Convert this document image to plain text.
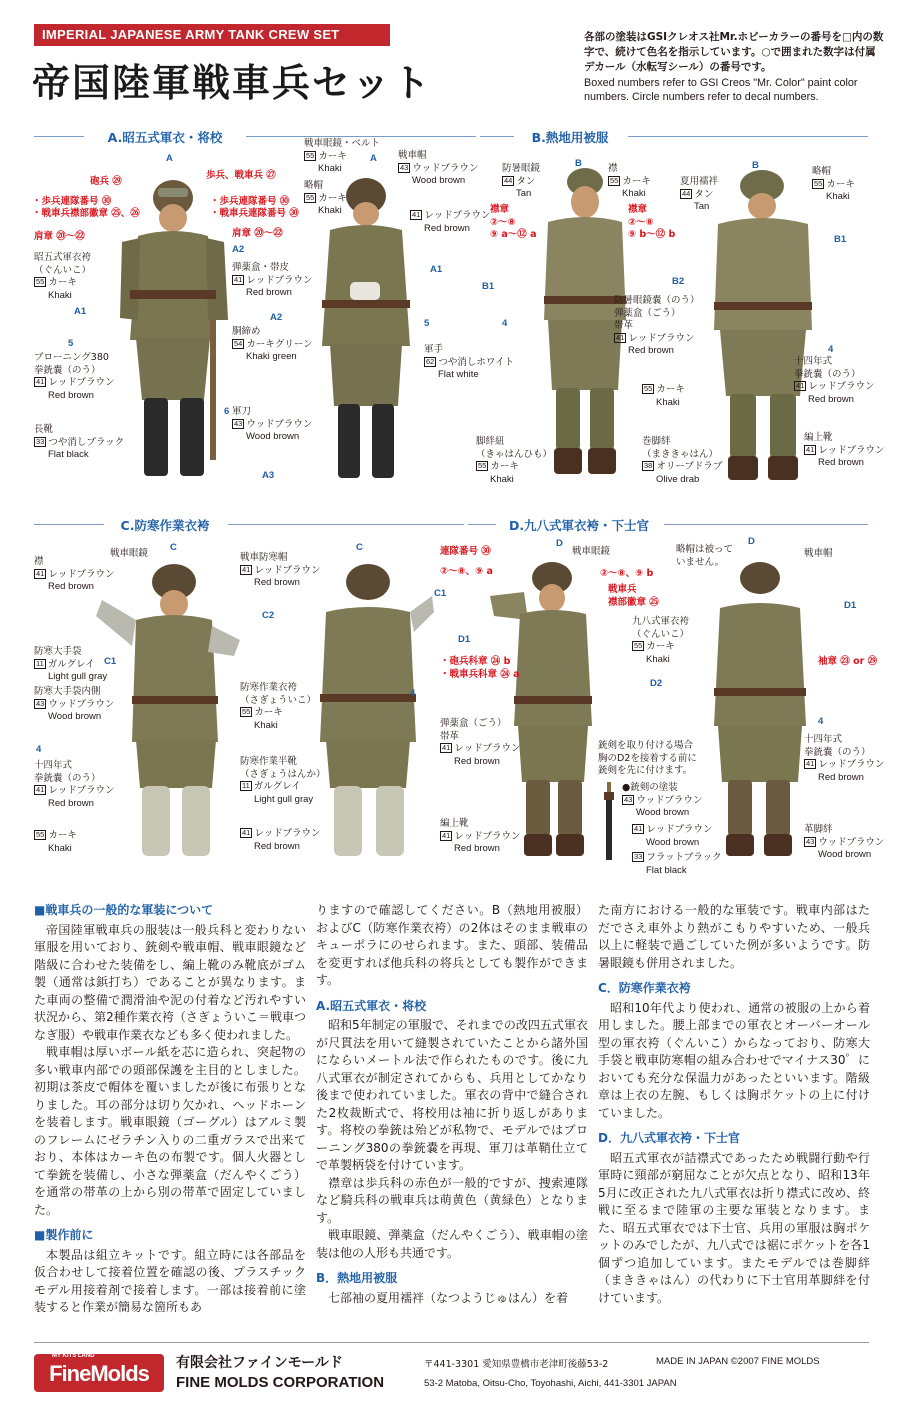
IMPERIAL JAPANESE ARMY TANK CREW SET
帝国陸軍戦車兵セット
各部の塗装はGSIクレオス社Mr.ホビーカラーの番号を□内の数字で、続けて色名を指示しています。○で囲まれた数字は付属デカール（水転写シール）の番号です。
Boxed numbers refer to GSI Creos "Mr. Color" paint color numbers. Circle numbers refer to decal numbers.
A.昭五式軍衣・将校	B.熱地用被服
C.防寒作業衣袴	D.九八式軍衣袴・下士官
A
砲兵 ㉙
歩兵、戦車兵 ㉗
・歩兵連隊番号 ㉚
・戦車兵襟部徽章 ㉕、㉖
・歩兵連隊番号 ㉚
・戦車兵連隊番号 ㉚
肩章 ⑳～㉒	肩章 ⑳～㉒
A2
昭五式軍衣袴
（ぐんいこ）
55 カーキ
Khaki
弾薬盒・帯皮
41 レッドブラウン
Red brown
A1
胴締め
54 カーキグリーン
Khaki green
5
ブローニング380
拳銃嚢（のう）
41 レッドブラウン
Red brown
6 軍刀
43 ウッドブラウン
Wood brown
長靴
33 つや消しブラック
Flat black
A3
戦車眼鏡・ベルト
55 カーキ
Khaki
戦車帽
43 ウッドブラウン
Wood brown
略帽
55 カーキ
Khaki	41 レッドブラウン
Red brown
A
A1
A2
5
軍手
62 つや消しホワイト
Flat white
B
防暑眼鏡
44 タン
Tan
襟
55 カーキ
Khaki
襟章
②～⑧
⑨ a～⑫ a
襟章
②～⑧
⑨ b～⑫ b
B1	B2
4
防暑眼鏡嚢（のう）
弾薬盒（ごう）
帯革
41 レッドブラウン
Red brown
55 カーキ
Khaki
脚絆紐
（きゃはんひも）
55 カーキ
Khaki
巻脚絆
（まききゃはん）
38 オリーブドラブ
Olive drab
夏用襦袢
44 タン
Tan
B
略帽
55 カーキ
Khaki
B1
4
十四年式
拳銃嚢（のう）
41 レッドブラウン
Red brown
編上靴
41 レッドブラウン
Red brown
襟
41 レッドブラウン
Red brown
戦車眼鏡
C
C1
C2
防寒大手袋
11 ガルグレイ
Light gull gray
防寒大手袋内側
43 ウッドブラウン
Wood brown
4
十四年式
拳銃嚢（のう）
41 レッドブラウン
Red brown
55 カーキ
Khaki
戦車防寒帽
41 レッドブラウン
Red brown
C
C1
4
防寒作業衣袴
（さぎょういこ）
55 カーキ
Khaki
防寒作業半靴
（さぎょうはんか）
11 ガルグレイ
Light gull gray
41 レッドブラウン
Red brown
連隊番号 ㉚
②～⑧、⑨ a
D
戦車眼鏡
②～⑧、⑨ b
戦車兵
襟部徽章 ㉕
D1
・砲兵科章 ㉔ b
・戦車兵科章 ㉔ a
九八式軍衣袴
（ぐんいこ）
55 カーキ
Khaki
D2
弾薬盒（ごう）
帯革
41 レッドブラウン
Red brown
編上靴
41 レッドブラウン
Red brown
銃剣を取り付ける場合
胸のD2を接着する前に
銃剣を先に付けます。
●銃剣の塗装
43 ウッドブラウン
Wood brown
41 レッドブラウン
Wood brown
33 フラットブラック
Flat black
略帽は被って
いません。
D
戦車帽
D1
袖章 ㉓ or ㉙
4
十四年式
拳銃嚢（のう）
41 レッドブラウン
Red brown
革脚絆
43 ウッドブラウン
Wood brown
■戦車兵の一般的な軍装について

帝国陸軍戦車兵の服装は一般兵科と変わりない軍服を用いており、銃剣や戦車帽、戦車眼鏡など階級に合わせた装備をし、編上靴のみ靴底がゴム製（通常は鋲打ち）であることが異なります。また車両の整備で潤滑油や泥の付着など汚れやすい状況から、第2種作業衣袴（さぎょういこ＝戦車つなぎ服）や戦車作業衣なども多く使われました。

戦車帽は厚いボール紙を芯に造られ、突起物の多い戦車内部での頭部保護を主目的としました。初期は茶皮で帽体を覆いましたが後に布張りとなりました。耳の部分は切り欠かれ、ヘッドホーンを装着します。戦車眼鏡（ゴーグル）はアルミ製のフレームにゼラチン入りの二重ガラスで出来ており、本体はカーキ色の布製です。個人火器として拳銃を装備し、小さな弾薬盒（だんやくごう）を通常の帯革の上から別の帯革で固定していました。

■製作前に

本製品は組立キットです。組立時には各部品を仮合わせして接着位置を確認の後、プラスチックモデル用接着剤で接着します。一部は接着前に塗装すると作業が簡易な箇所もあ

りますので確認してください。B（熱地用被服）およびC（防寒作業衣袴）の2体はそのまま戦車のキューポラにのせられます。また、頭部、装備品を変更すれば他兵科の将兵としても製作ができます。

A.昭五式軍衣・将校

昭和5年制定の軍服で、それまでの改四五式軍衣が尺貫法を用いて縫製されていたことから諸外国にならいメートル法で作られたものです。後に九八式軍衣が制定されてからも、兵用としてかなり後まで使われていました。軍衣の背中で縫合された2枚裁断式で、将校用は袖に折り返しがあります。将校の拳銃は殆どが私物で、モデルではブローニング380の拳銃嚢を再現、軍刀は革鞘仕立てで革製柄袋を付けています。

襟章は歩兵科の赤色が一般的ですが、捜索連隊など騎兵科の戦車兵は萌黄色（黄緑色）となります。

戦車眼鏡、弾薬盒（だんやくごう）、戦車帽の塗装は他の人形も共通です。

B．熱地用被服

七部袖の夏用襦袢（なつようじゅはん）を着

た南方における一般的な軍装です。戦車内部はただでさえ車外より熱がこもりやすいため、一般兵以上に軽装で過ごしていた例が多いようです。防暑眼鏡も併用されました。

C．防寒作業衣袴

昭和10年代より使われ、通常の被服の上から着用しました。腰上部までの軍衣とオーバーオール型の軍衣袴（ぐんいこ）からなっており、防寒大手袋と戦車防寒帽の組み合わせでマイナス30゜においても充分な保温力があったといいます。階級章は上衣の左腕、もしくは胸ポケットの上に付けていました。

D．九八式軍衣袴・下士官

昭五式軍衣が詰襟式であったため戦闘行動や行軍時に頸部が窮屈なことが欠点となり、昭和13年5月に改正された九八式軍衣は折り襟式に改め、終戦に至るまで陸軍の主要な軍装となります。また、昭五式軍衣では下士官、兵用の軍服は胸ポケットのみでしたが、九八式では裾にポケットを各1個ずつ追加しています。またモデルでは巻脚絆（まききゃはん）の代わりに下士官用革脚絆を付けています。

MY KITS LAND
FineMolds	有限会社ファインモールド
FINE MOLDS CORPORATION
〒441-3301 愛知県豊橋市老津町後藤53-2
53-2 Matoba, Oitsu-Cho, Toyohashi, Aichi, 441-3301 JAPAN
MADE IN JAPAN ©2007 FINE MOLDS
